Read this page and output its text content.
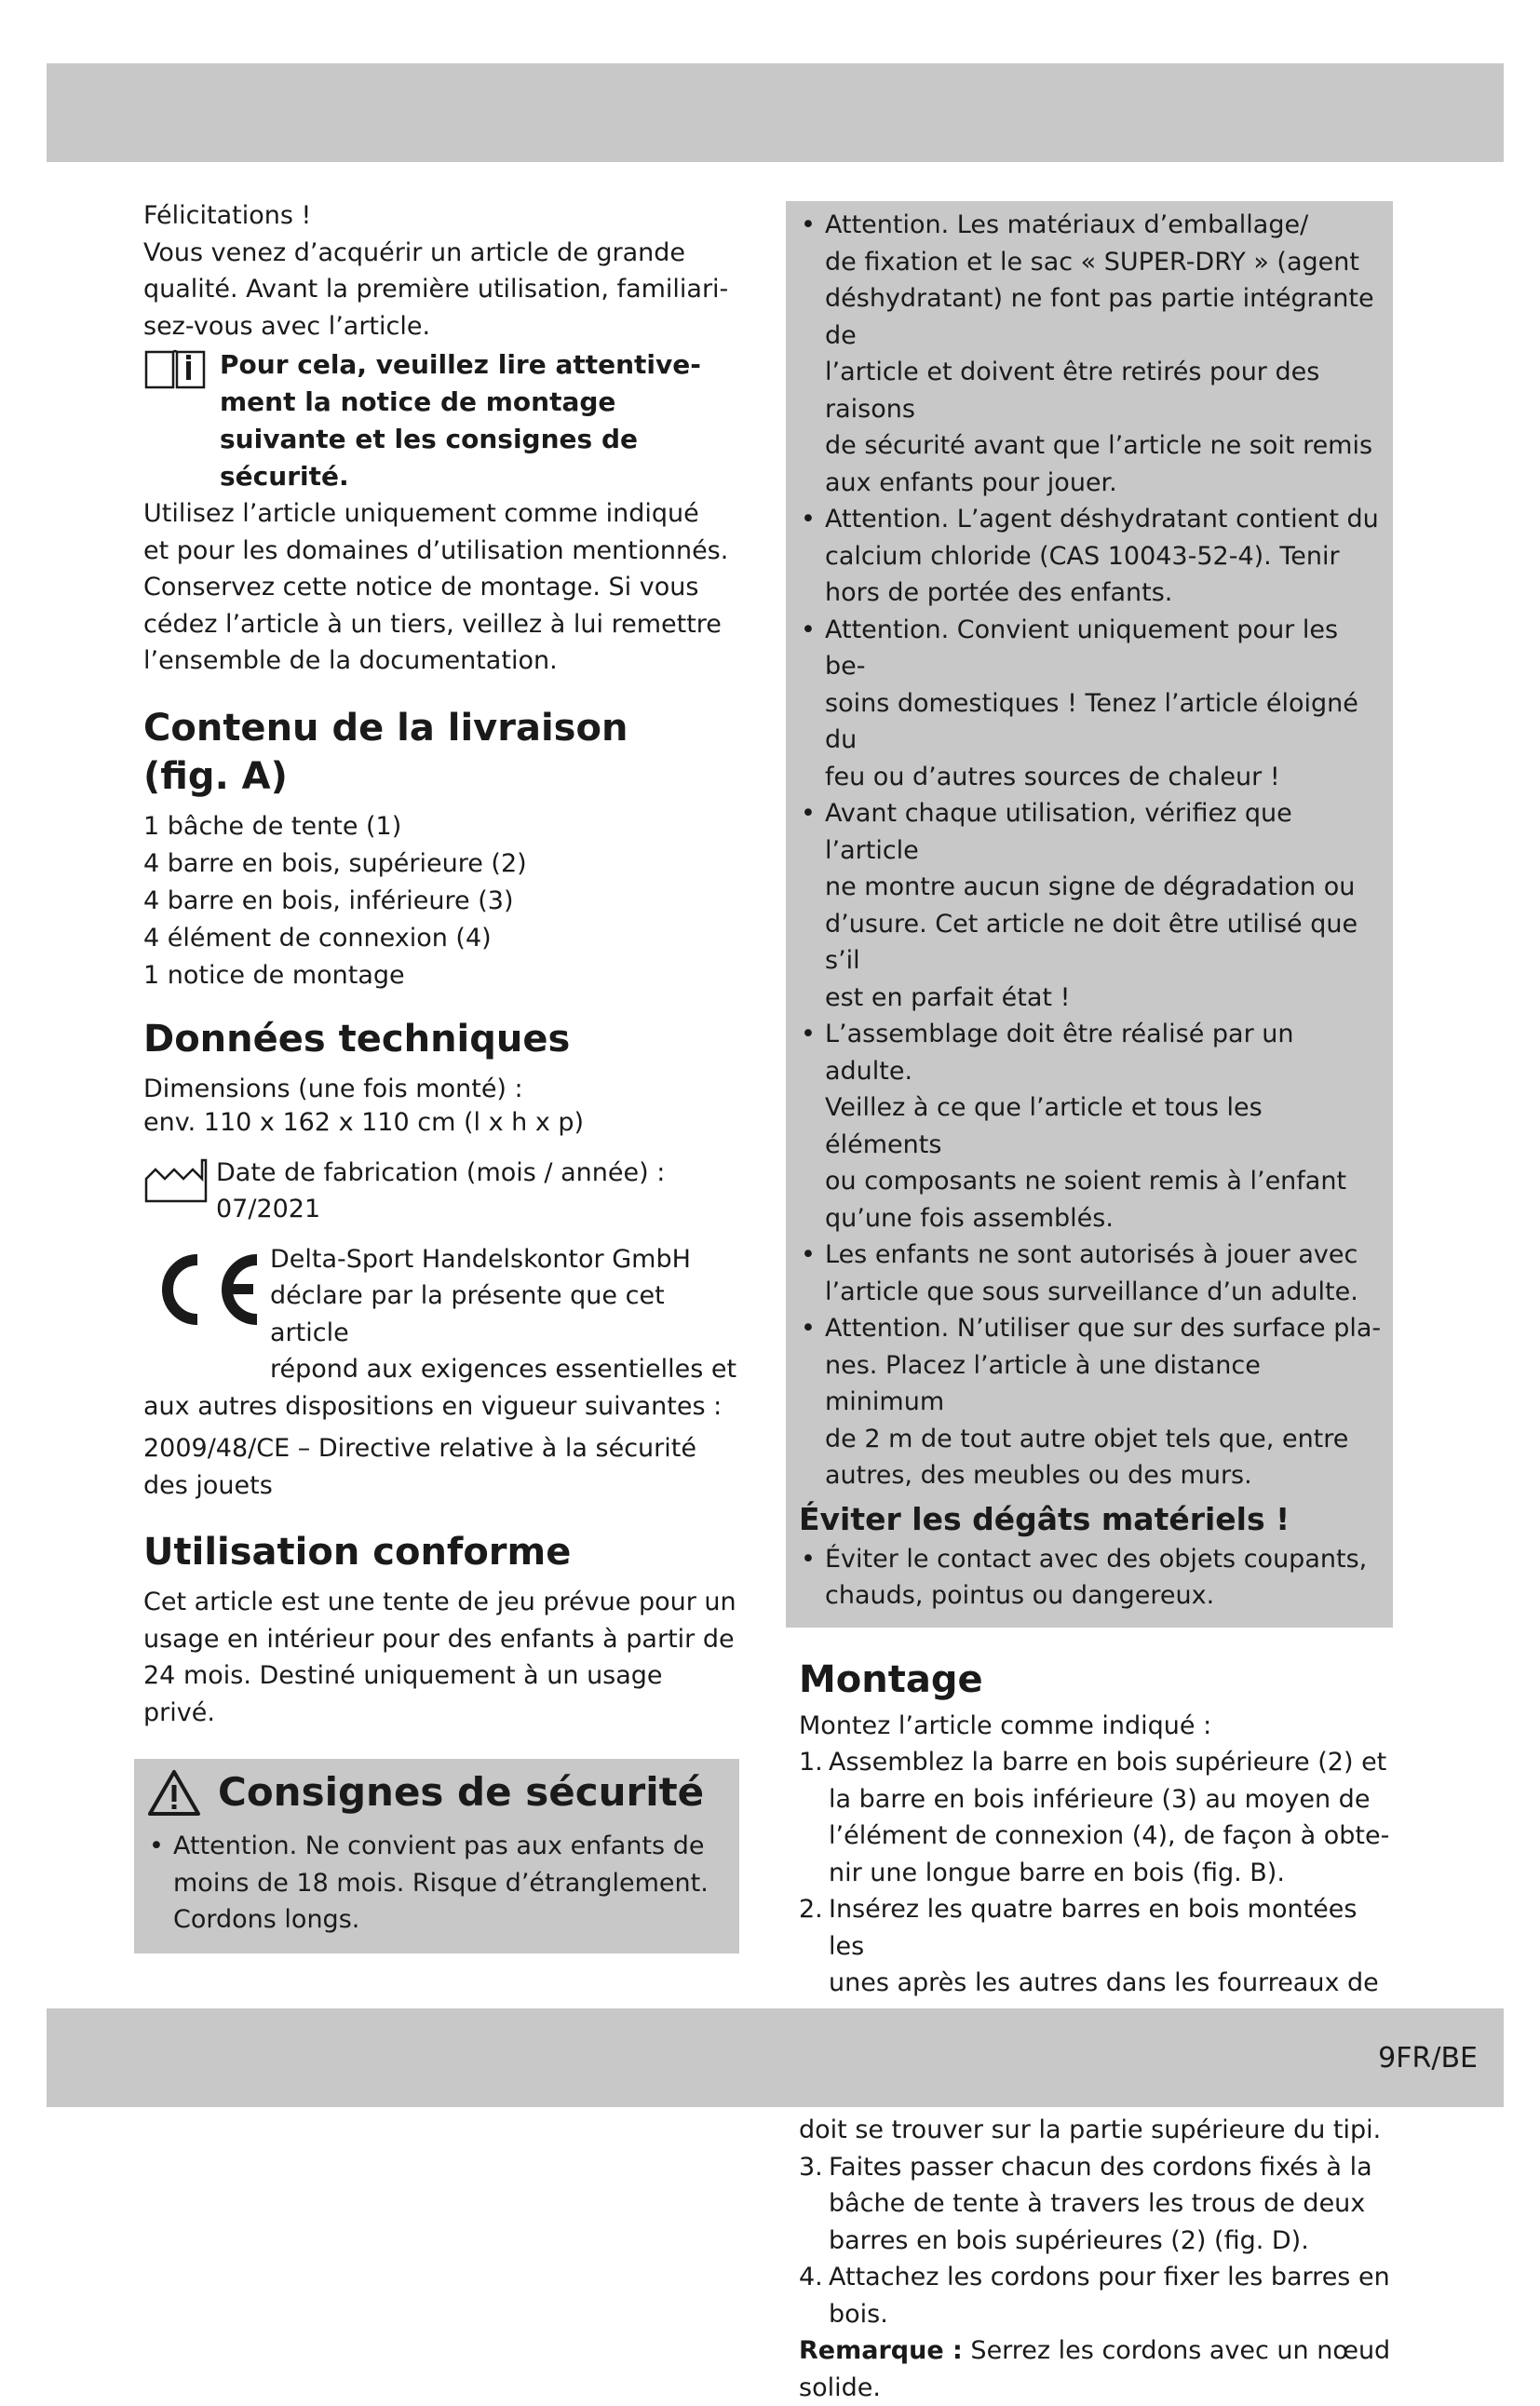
Félicitations !

Vous venez d’acquérir un article de grande

qualité. Avant la première utilisation, familiari-

sez-vous avec l’article.

Pour cela, veuillez lire attentive-

ment la notice de montage

suivante et les consignes de

sécurité.

Utilisez l’article uniquement comme indiqué

et pour les domaines d’utilisation mentionnés.

Conservez cette notice de montage. Si vous

cédez l’article à un tiers, veillez à lui remettre

l’ensemble de la documentation.

Contenu de la livraison
(fig. A)

1 bâche de tente (1)

4 barre en bois, supérieure (2)

4 barre en bois, inférieure (3)

4 élément de connexion (4)

1 notice de montage

Données techniques

Dimensions (une fois monté) :

env. 110 x 162 x 110 cm (l x h x p)

Date de fabrication (mois / année) :

07/2021

Delta-Sport Handelskontor GmbH

déclare par la présente que cet article

répond aux exigences essentielles et

aux autres dispositions en vigueur suivantes :

2009/48/CE – Directive relative à la sécurité

des jouets

Utilisation conforme

Cet article est une tente de jeu prévue pour un

usage en intérieur pour des enfants à partir de

24 mois. Destiné uniquement à un usage privé.

Consignes de sécurité

• Attention. Ne convient pas aux enfants de

moins de 18 mois. Risque d’étranglement.

Cordons longs.

• Attention. Les matériaux d’emballage/

de fixation et le sac « SUPER-DRY » (agent

déshydratant) ne font pas partie intégrante de

l’article et doivent être retirés pour des raisons

de sécurité avant que l’article ne soit remis

aux enfants pour jouer.

• Attention. L’agent déshydratant contient du

calcium chloride (CAS 10043-52-4). Tenir

hors de portée des enfants.

• Attention. Convient uniquement pour les be-

soins domestiques ! Tenez l’article éloigné du

feu ou d’autres sources de chaleur !

• Avant chaque utilisation, vérifiez que l’article

ne montre aucun signe de dégradation ou

d’usure. Cet article ne doit être utilisé que s’il

est en parfait état !

• L’assemblage doit être réalisé par un adulte.

Veillez à ce que l’article et tous les éléments

ou composants ne soient remis à l’enfant

qu’une fois assemblés.

• Les enfants ne sont autorisés à jouer avec

l’article que sous surveillance d’un adulte.

• Attention. N’utiliser que sur des surface pla-

nes. Placez l’article à une distance minimum

de 2 m de tout autre objet tels que, entre

autres, des meubles ou des murs.

Éviter les dégâts matériels !

• Éviter le contact avec des objets coupants,

chauds, pointus ou dangereux.

Montage

Montez l’article comme indiqué :

1. Assemblez la barre en bois supérieure (2) et

la barre en bois inférieure (3) au moyen de

l’élément de connexion (4), de façon à obte-

nir une longue barre en bois (fig. B).

2. Insérez les quatre barres en bois montées les

unes après les autres dans les fourreaux de

doit se trouver sur la partie supérieure du tipi.

3. Faites passer chacun des cordons fixés à la

bâche de tente à travers les trous de deux

barres en bois supérieures (2) (fig. D).

4. Attachez les cordons pour fixer les barres en

bois.

Remarque : Serrez les cordons avec un nœud

solide.

9FR/BE
